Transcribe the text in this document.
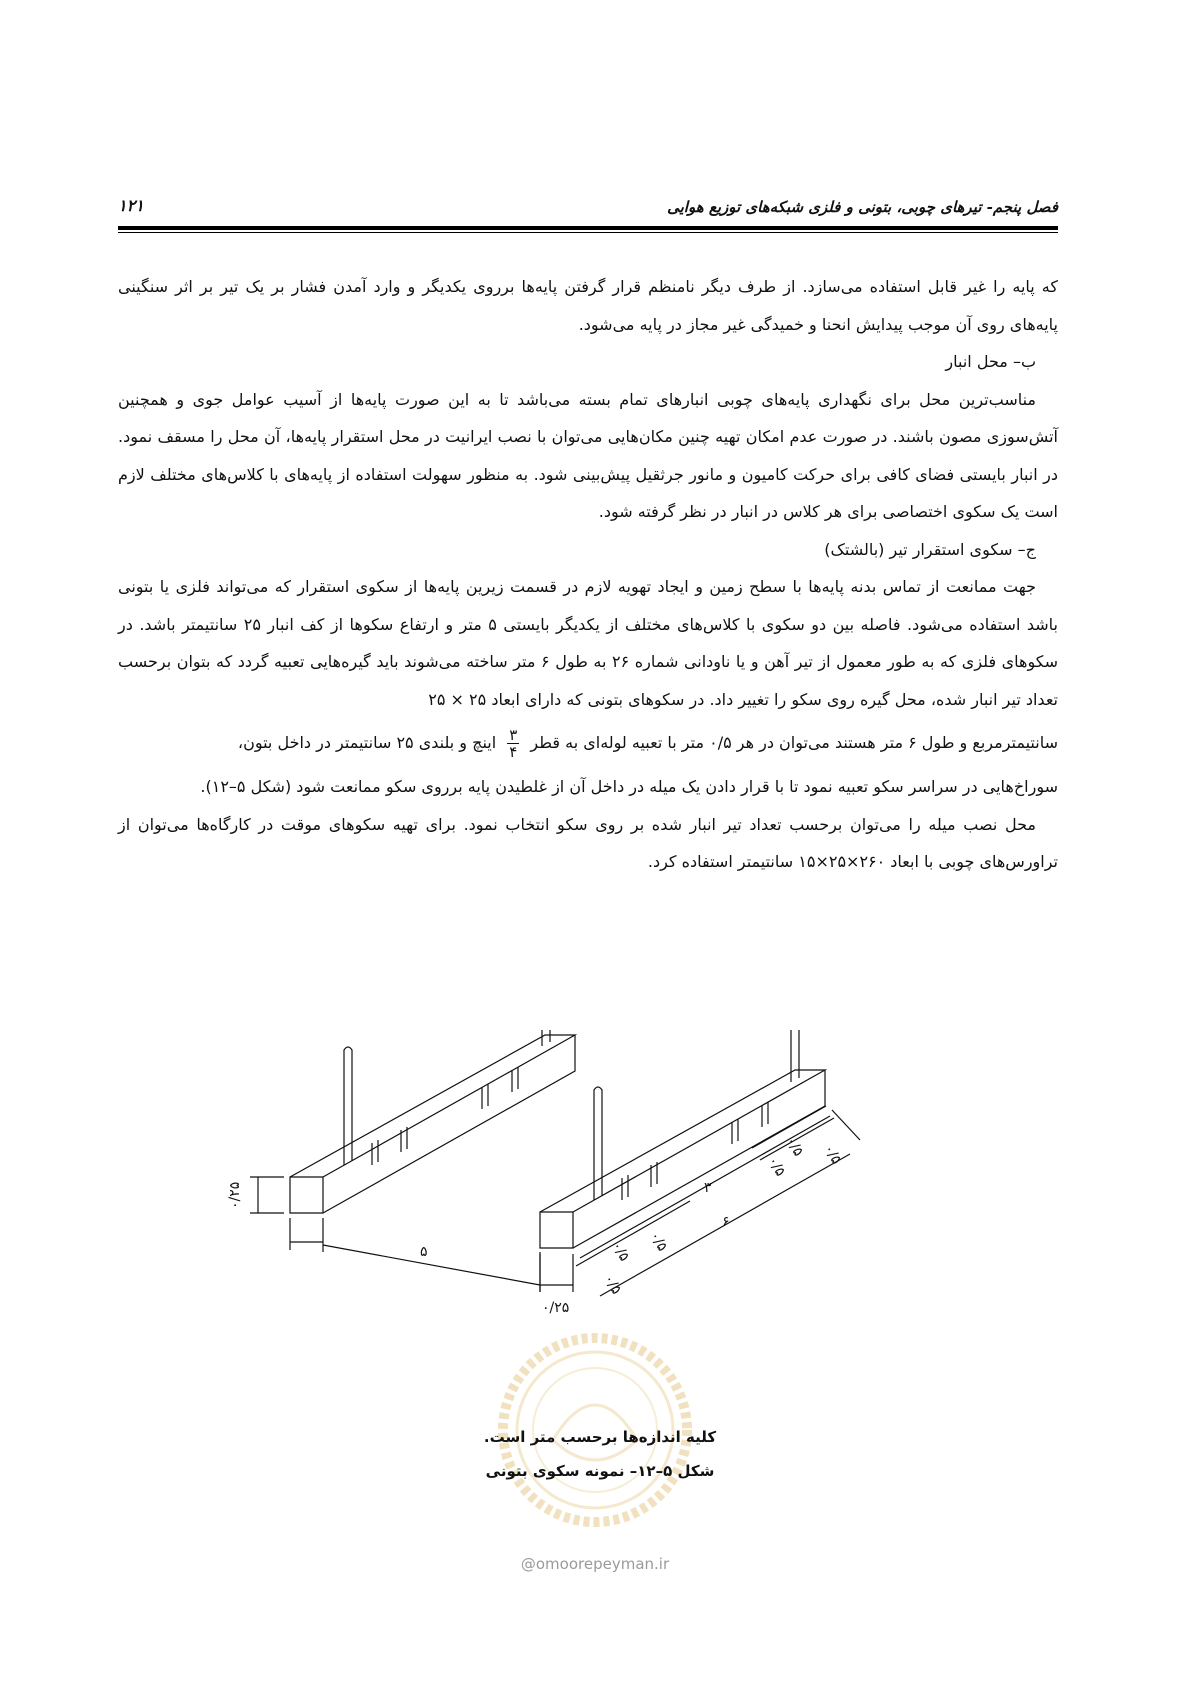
فصل پنجم- تیرهای چوبی، بتونی و فلزی شبکه‌های توزیع هوایی
۱۲۱

که پایه را غیر قابل استفاده می‌سازد. از طرف دیگر نامنظم قرار گرفتن پایه‌ها برروی یکدیگر و وارد آمدن فشار بر یک تیر بر اثر سنگینی پایه‌های روی آن موجب پیدایش انحنا و خمیدگی غیر مجاز در پایه می‌شود.

ب– محل انبار

مناسب‌ترین محل برای نگهداری پایه‌های چوبی انبارهای تمام بسته می‌باشد تا به این صورت پایه‌ها از آسیب عوامل جوی و همچنین آتش‌سوزی مصون باشند. در صورت عدم امکان تهیه چنین مکان‌هایی می‌توان با نصب ایرانیت در محل استقرار پایه‌ها، آن محل را مسقف نمود. در انبار بایستی فضای کافی برای حرکت کامیون و مانور جرثقیل پیش‌بینی شود. به منظور سهولت استفاده از پایه‌های با کلاس‌های مختلف لازم است یک سکوی اختصاصی برای هر کلاس در انبار در نظر گرفته شود.

ج– سکوی استقرار تیر (بالشتک)

جهت ممانعت از تماس بدنه پایه‌ها با سطح زمین و ایجاد تهویه لازم در قسمت زیرین پایه‌ها از سکوی استقرار که می‌تواند فلزی یا بتونی باشد استفاده می‌شود. فاصله بین دو سکوی با کلاس‌های مختلف از یکدیگر بایستی ۵ متر و ارتفاع سکوها از کف انبار ۲۵ سانتیمتر باشد. در سکوهای فلزی که به طور معمول از تیر آهن و یا ناودانی شماره ۲۶ به طول ۶ متر ساخته می‌شوند باید گیره‌هایی تعبیه گردد که بتوان برحسب تعداد تیر انبار شده، محل گیره روی سکو را تغییر داد. در سکوهای بتونی که دارای ابعاد ۲۵ × ۲۵

سانتیمترمربع و طول ۶ متر هستند می‌توان در هر ۰/۵ متر با تعبیه لوله‌ای به قطر
$\frac{۳}{۴}$
اینچ و بلندی ۲۵ سانتیمتر در داخل بتون،

سوراخ‌هایی در سراسر سکو تعبیه نمود تا با قرار دادن یک میله در داخل آن از غلطیدن پایه برروی سکو ممانعت شود (شکل ۵–۱۲).

محل نصب میله را می‌توان برحسب تعداد تیر انبار شده بر روی سکو انتخاب نمود. برای تهیه سکوهای موقت در کارگاه‌ها می‌توان از تراورس‌های چوبی با ابعاد ۲۶۰×۲۵×۱۵ سانتیمتر استفاده کرد.

۰/۲۵
۵
۰/۲۵
۰/۵ ۰/۵
۰/۵
۰/۵
۰/۵ ۰/۵
۳
۶
کلیه اندازه‌ها برحسب متر است.
شکل ۵–۱۲– نمونه سکوی بتونی
@omoorepeyman.ir
